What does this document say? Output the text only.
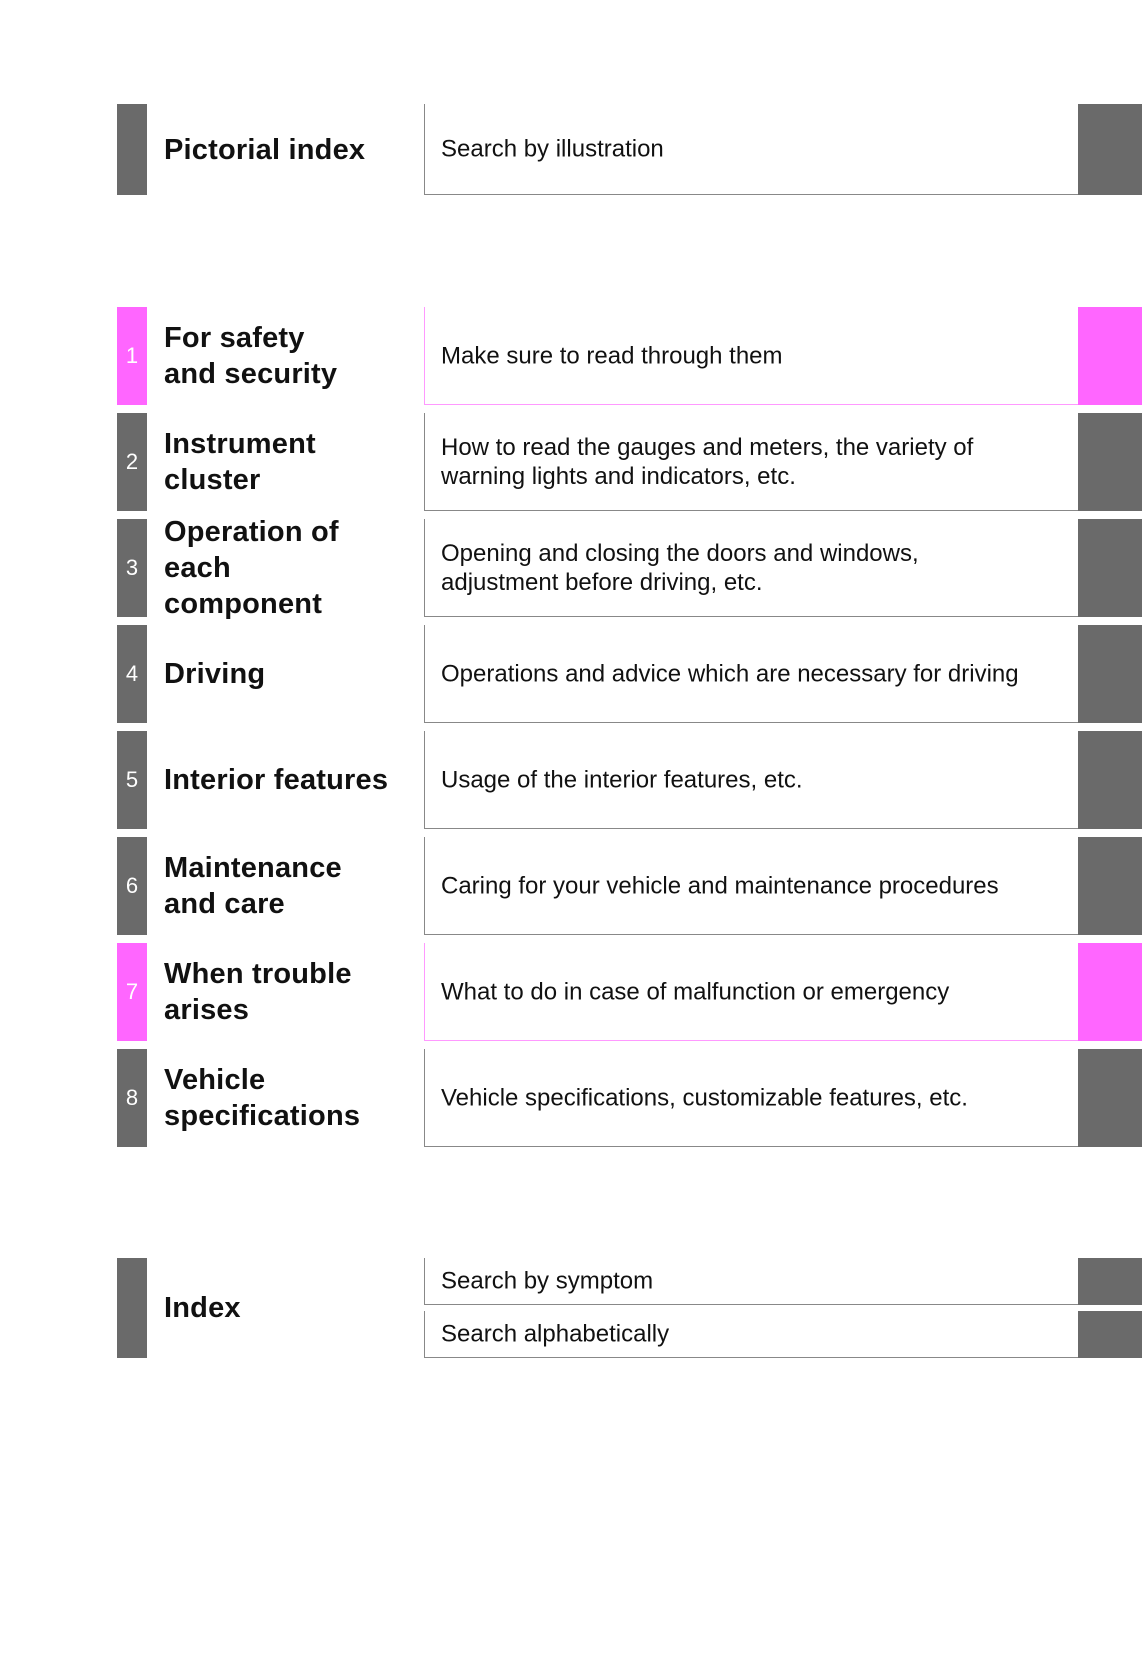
Pictorial index	Search by illustration
1
For safety
and security
Make sure to read through them
2
Instrument
cluster
How to read the gauges and meters, the variety of
warning lights and indicators, etc.
3
Operation of
each
component
Opening and closing the doors and windows,
adjustment before driving, etc.
4 Driving	Operations and advice which are necessary for driving
5 Interior features Usage of the interior features, etc.
6
Maintenance
and care
Caring for your vehicle and maintenance procedures
7
When trouble
arises
What to do in case of malfunction or emergency
8
Vehicle
specifications
Vehicle specifications, customizable features, etc.
Index
Search by symptom
Search alphabetically
